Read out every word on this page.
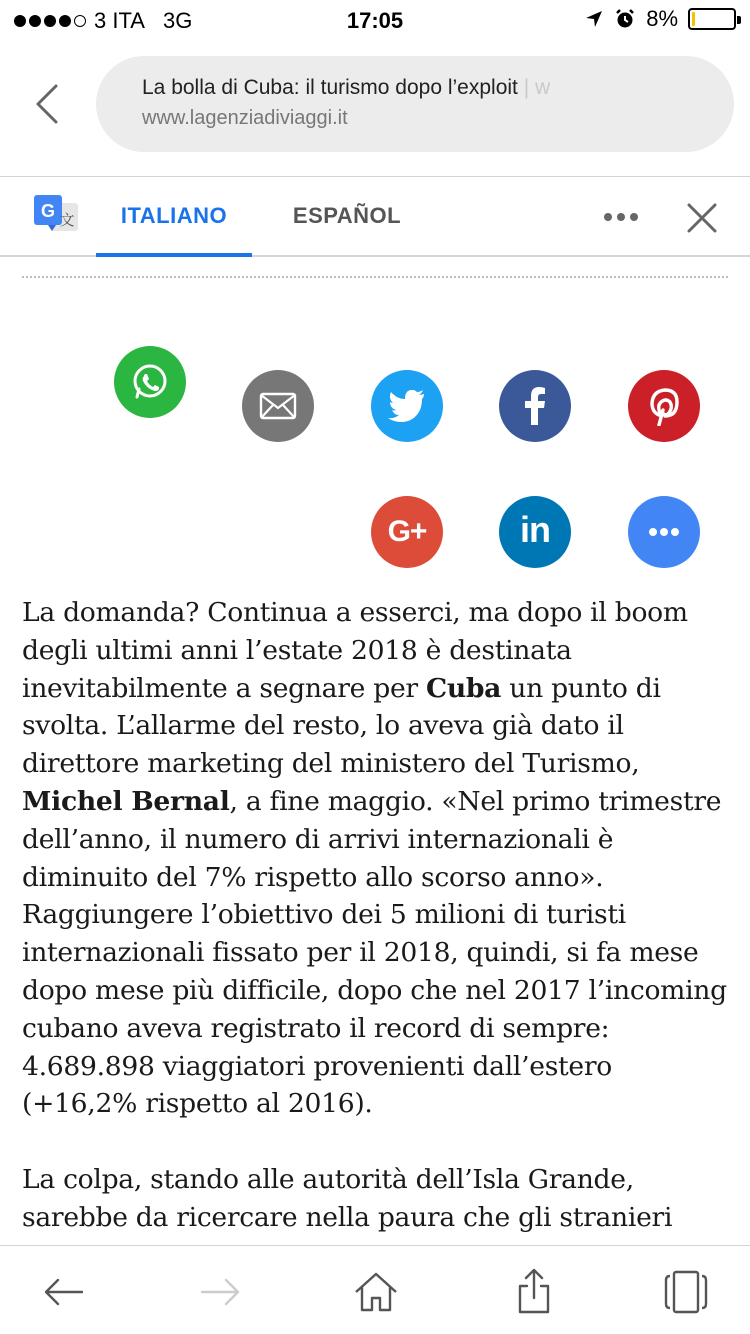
3 ITA 3G	17:05	8%
La bolla di Cuba: il turismo dopo l’exploit | w
www.lagenziadiviaggi.it
G 文	ITALIANO	ESPAÑOL
G+	in

La domanda? Continua a esserci, ma dopo il boom degli ultimi anni l’estate 2018 è destinata inevitabilmente a segnare per Cuba un punto di svolta. L’allarme del resto, lo aveva già dato il direttore marketing del ministero del Turismo, Michel Bernal, a fine maggio. «Nel primo trimestre dell’anno, il numero di arrivi internazionali è diminuito del 7% rispetto allo scorso anno». Raggiungere l’obiettivo dei 5 milioni di turisti internazionali fissato per il 2018, quindi, si fa mese dopo mese più difficile, dopo che nel 2017 l’incoming cubano aveva registrato il record di sempre: 4.689.898 viaggiatori provenienti dall’estero (+16,2% rispetto al 2016).

La colpa, stando alle autorità dell’Isla Grande, sarebbe da ricercare nella paura che gli stranieri
